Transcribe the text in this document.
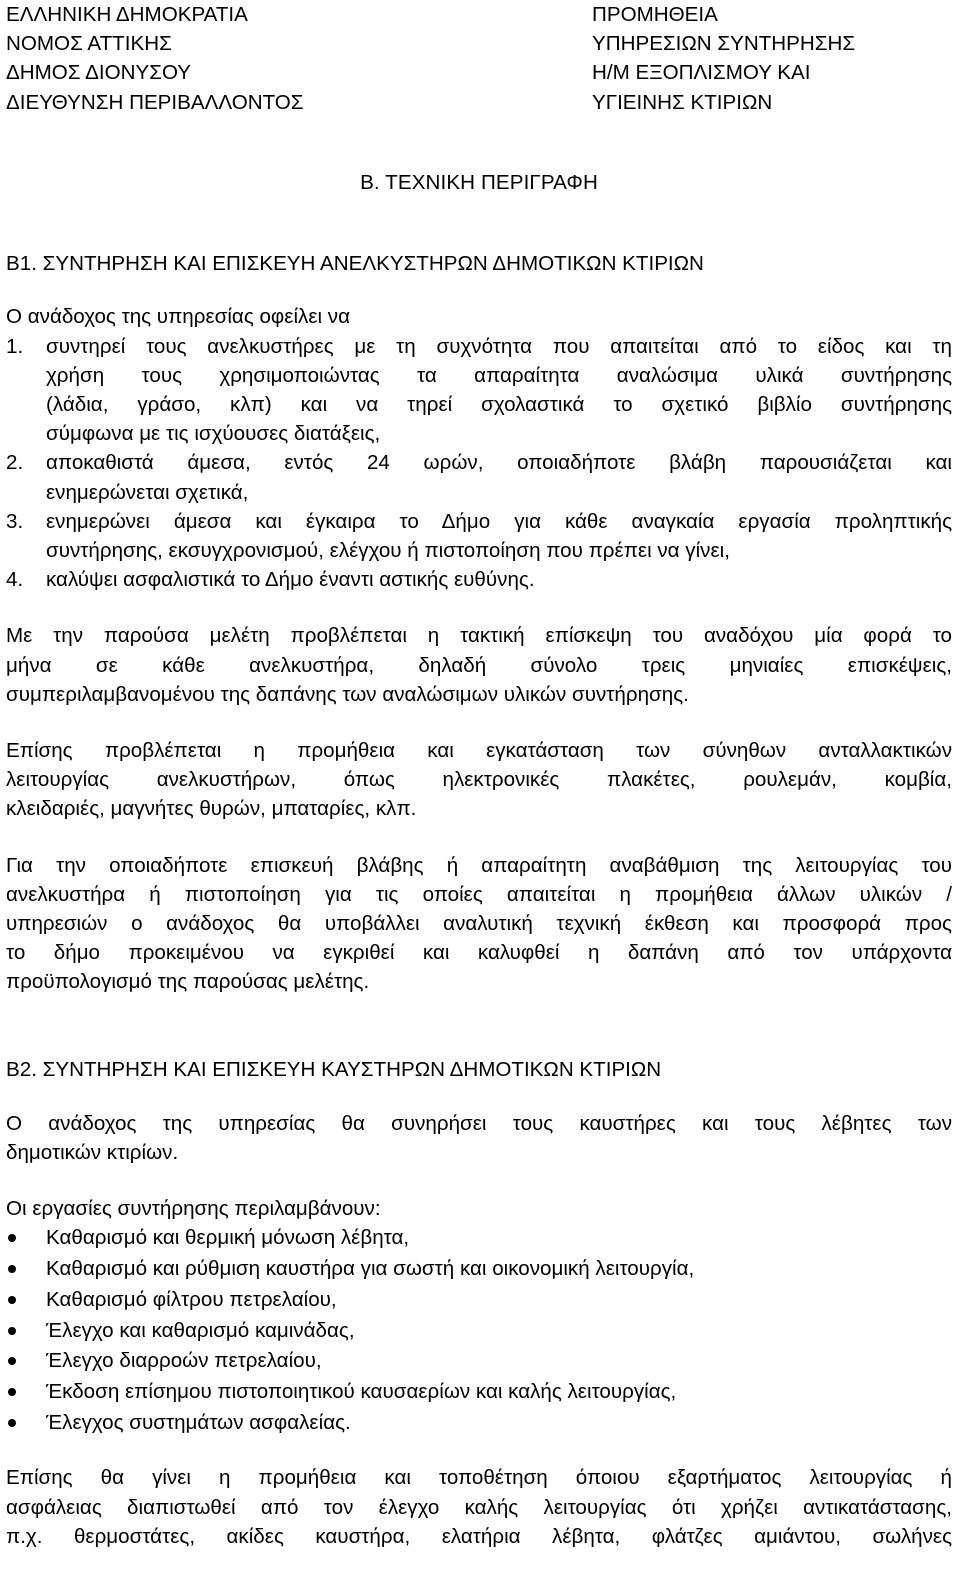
ΕΛΛΗΝΙΚΗ ΔΗΜΟΚΡΑΤΙΑ
ΝΟΜΟΣ ΑΤΤΙΚΗΣ
ΔΗΜΟΣ ΔΙΟΝΥΣΟΥ
ΔΙΕΥΘΥΝΣΗ ΠΕΡΙΒΑΛΛΟΝΤΟΣ
ΠΡΟΜΗΘΕΙΑ
ΥΠΗΡΕΣΙΩΝ ΣΥΝΤΗΡΗΣΗΣ
Η/Μ ΕΞΟΠΛΙΣΜΟΥ ΚΑΙ
ΥΓΙΕΙΝΗΣ ΚΤΙΡΙΩΝ
Β. ΤΕΧΝΙΚΗ ΠΕΡΙΓΡΑΦΗ
Β1. ΣΥΝΤΗΡΗΣΗ ΚΑΙ ΕΠΙΣΚΕΥΗ ΑΝΕΛΚΥΣΤΗΡΩΝ ΔΗΜΟΤΙΚΩΝ ΚΤΙΡΙΩΝ
Ο ανάδοχος της υπηρεσίας οφείλει να
1. συντηρεί τους ανελκυστήρες με τη συχνότητα που απαιτείται από το είδος και τη
χρήση τους χρησιμοποιώντας τα απαραίτητα αναλώσιμα υλικά συντήρησης
(λάδια, γράσο, κλπ) και να τηρεί σχολαστικά το σχετικό βιβλίο συντήρησης
σύμφωνα με τις ισχύουσες διατάξεις,
2. αποκαθιστά άμεσα, εντός 24 ωρών, οποιαδήποτε βλάβη παρουσιάζεται και
ενημερώνεται σχετικά,
3. ενημερώνει άμεσα και έγκαιρα το Δήμο για κάθε αναγκαία εργασία προληπτικής
συντήρησης, εκσυγχρονισμού, ελέγχου ή πιστοποίηση που πρέπει να γίνει,
4. καλύψει ασφαλιστικά το Δήμο έναντι αστικής ευθύνης.
Με την παρούσα μελέτη προβλέπεται η τακτική επίσκεψη του αναδόχου μία φορά το
μήνα σε κάθε ανελκυστήρα, δηλαδή σύνολο τρεις μηνιαίες επισκέψεις,
συμπεριλαμβανομένου της δαπάνης των αναλώσιμων υλικών συντήρησης.
Επίσης προβλέπεται η προμήθεια και εγκατάσταση των σύνηθων ανταλλακτικών
λειτουργίας ανελκυστήρων, όπως ηλεκτρονικές πλακέτες, ρουλεμάν, κομβία,
κλειδαριές, μαγνήτες θυρών, μπαταρίες, κλπ.
Για την οποιαδήποτε επισκευή βλάβης ή απαραίτητη αναβάθμιση της λειτουργίας του
ανελκυστήρα ή πιστοποίηση για τις οποίες απαιτείται η προμήθεια άλλων υλικών /
υπηρεσιών ο ανάδοχος θα υποβάλλει αναλυτική τεχνική έκθεση και προσφορά προς
το δήμο προκειμένου να εγκριθεί και καλυφθεί η δαπάνη από τον υπάρχοντα
προϋπολογισμό της παρούσας μελέτης.
Β2. ΣΥΝΤΗΡΗΣΗ ΚΑΙ ΕΠΙΣΚΕΥΗ ΚΑΥΣΤΗΡΩΝ ΔΗΜΟΤΙΚΩΝ ΚΤΙΡΙΩΝ
Ο ανάδοχος της υπηρεσίας θα συνηρήσει τους καυστήρες και τους λέβητες των
δημοτικών κτιρίων.
Οι εργασίες συντήρησης περιλαμβάνουν:
Καθαρισμό και θερμική μόνωση λέβητα,
Καθαρισμό και ρύθμιση καυστήρα για σωστή και οικονομική λειτουργία,
Καθαρισμό φίλτρου πετρελαίου,
Έλεγχο και καθαρισμό καμινάδας,
Έλεγχο διαρροών πετρελαίου,
Έκδοση επίσημου πιστοποιητικού καυσαερίων και καλής λειτουργίας,
Έλεγχος συστημάτων ασφαλείας.
Επίσης θα γίνει η προμήθεια και τοποθέτηση όποιου εξαρτήματος λειτουργίας ή
ασφάλειας διαπιστωθεί από τον έλεγχο καλής λειτουργίας ότι χρήζει αντικατάστασης,
π.χ. θερμοστάτες, ακίδες καυστήρα, ελατήρια λέβητα, φλάτζες αμιάντου, σωλήνες
